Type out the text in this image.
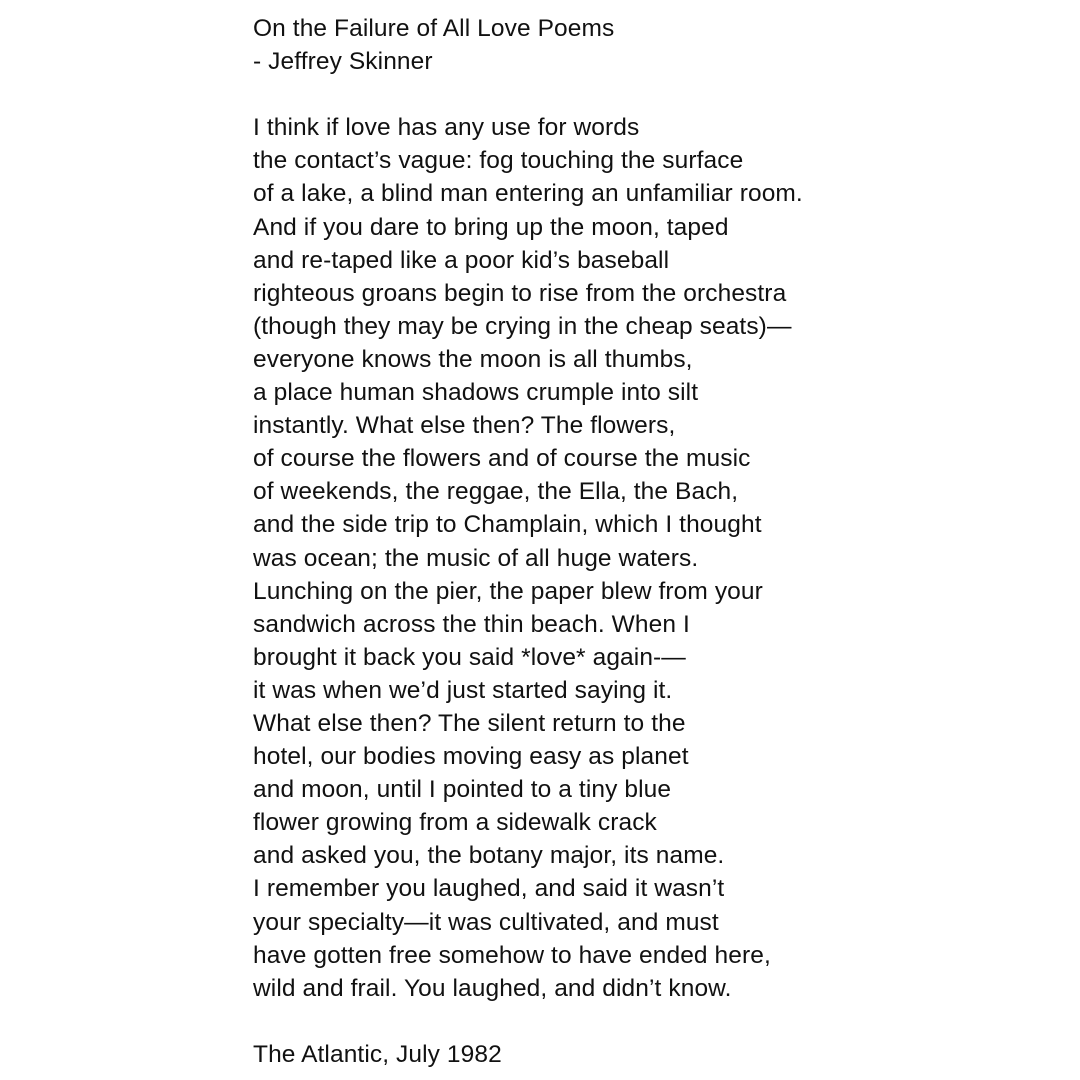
On the Failure of All Love Poems
- Jeffrey Skinner
I think if love has any use for words
the contact’s vague: fog touching the surface
of a lake, a blind man entering an unfamiliar room.
And if you dare to bring up the moon, taped
and re-taped like a poor kid’s baseball
righteous groans begin to rise from the orchestra
(though they may be crying in the cheap seats)—
everyone knows the moon is all thumbs,
a place human shadows crumple into silt
instantly. What else then? The flowers,
of course the flowers and of course the music
of weekends, the reggae, the Ella, the Bach,
and the side trip to Champlain, which I thought
was ocean; the music of all huge waters.
Lunching on the pier, the paper blew from your
sandwich across the thin beach. When I
brought it back you said *love* again-—
it was when we’d just started saying it.
What else then? The silent return to the
hotel, our bodies moving easy as planet
and moon, until I pointed to a tiny blue
flower growing from a sidewalk crack
and asked you, the botany major, its name.
I remember you laughed, and said it wasn’t
your specialty—it was cultivated, and must
have gotten free somehow to have ended here,
wild and frail. You laughed, and didn’t know.
The Atlantic, July 1982
